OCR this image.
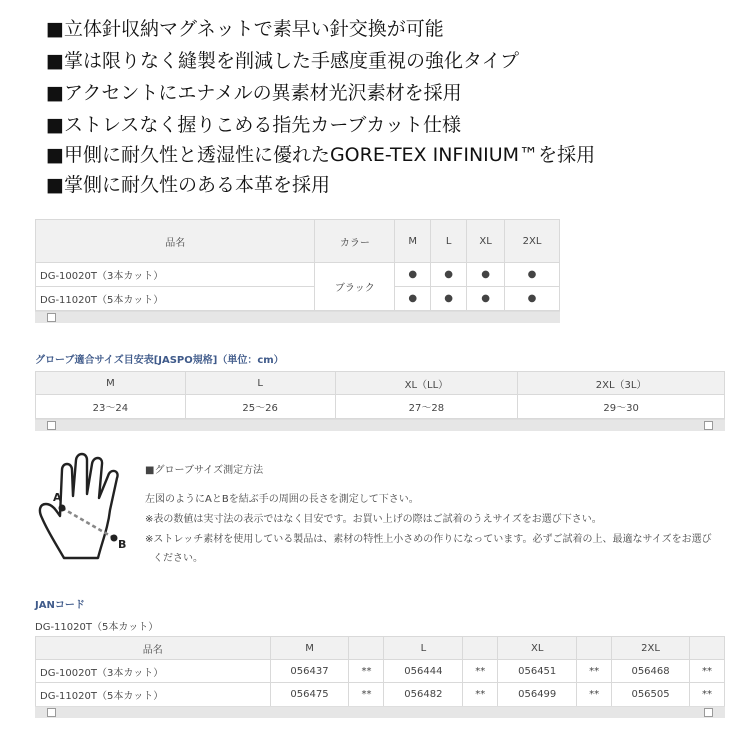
■立体針収納マグネットで素早い針交換が可能
■掌は限りなく縫製を削減した手感度重視の強化タイプ
■アクセントにエナメルの異素材光沢素材を採用
■ストレスなく握りこめる指先カーブカット仕様
■甲側に耐久性と透湿性に優れたGORE-TEX INFINIUM™を採用
■掌側に耐久性のある本革を採用
品名	カラー	M	L	XL	2XL
DG-10020T（3本カット）	ブラック	●	●	●	●
DG-11020T（5本カット）		●	●	●	●
グローブ適合サイズ目安表[JASPO規格]（単位：cm）
M	L	XL（LL）	2XL（3L）
23～24	25～26	27～28	29～30
A
B
■グローブサイズ測定方法
左図のようにAとBを結ぶ手の周囲の長さを測定して下さい。
※表の数値は実寸法の表示ではなく目安です。お買い上げの際はご試着のうえサイズをお選び下さい。
※ストレッチ素材を使用している製品は、素材の特性上小さめの作りになっています。必ずご試着の上、最適なサイズをお選び
ください。
JANコード
DG-11020T（5本カット）
品名	M		L		XL		2XL	
DG-10020T（3本カット）	056437	**	056444	**	056451	**	056468	**
DG-11020T（5本カット）	056475	**	056482	**	056499	**	056505	**
